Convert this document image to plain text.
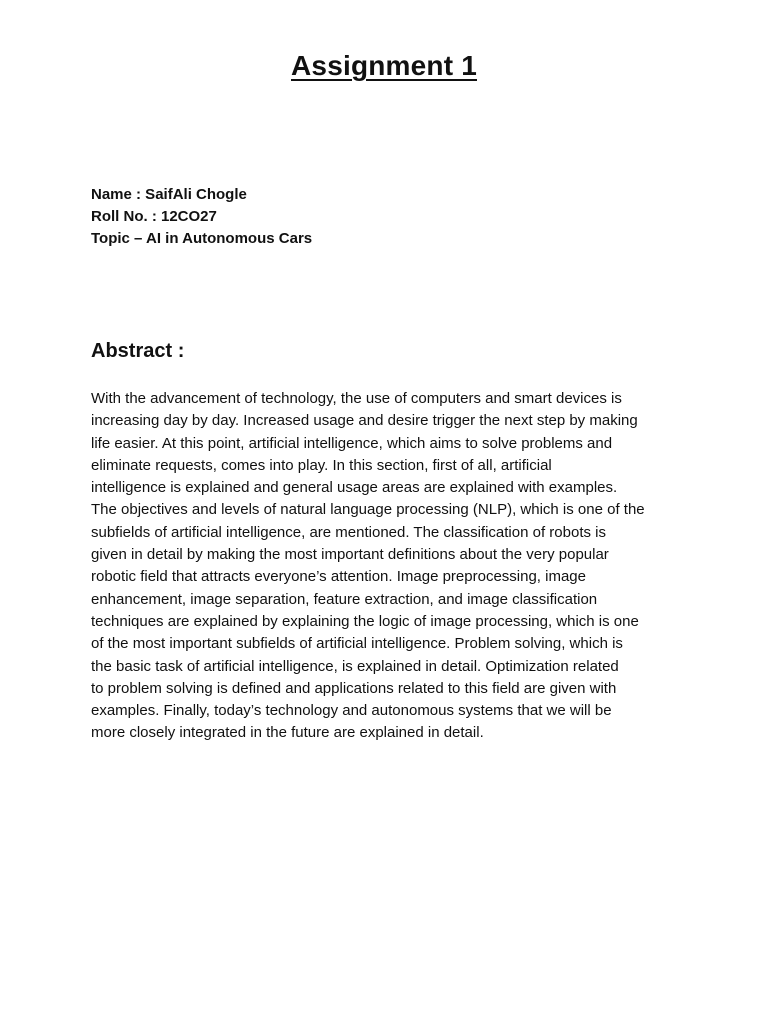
Assignment 1
Name : SaifAli Chogle
Roll No. : 12CO27
Topic – AI in Autonomous Cars
Abstract :
With the advancement of technology, the use of computers and smart devices is
increasing day by day. Increased usage and desire trigger the next step by making
life easier. At this point, artificial intelligence, which aims to solve problems and
eliminate requests, comes into play. In this section, first of all, artificial
intelligence is explained and general usage areas are explained with examples.
The objectives and levels of natural language processing (NLP), which is one of the
subfields of artificial intelligence, are mentioned. The classification of robots is
given in detail by making the most important definitions about the very popular
robotic field that attracts everyone’s attention. Image preprocessing, image
enhancement, image separation, feature extraction, and image classification
techniques are explained by explaining the logic of image processing, which is one
of the most important subfields of artificial intelligence. Problem solving, which is
the basic task of artificial intelligence, is explained in detail. Optimization related
to problem solving is defined and applications related to this field are given with
examples. Finally, today’s technology and autonomous systems that we will be
more closely integrated in the future are explained in detail.
